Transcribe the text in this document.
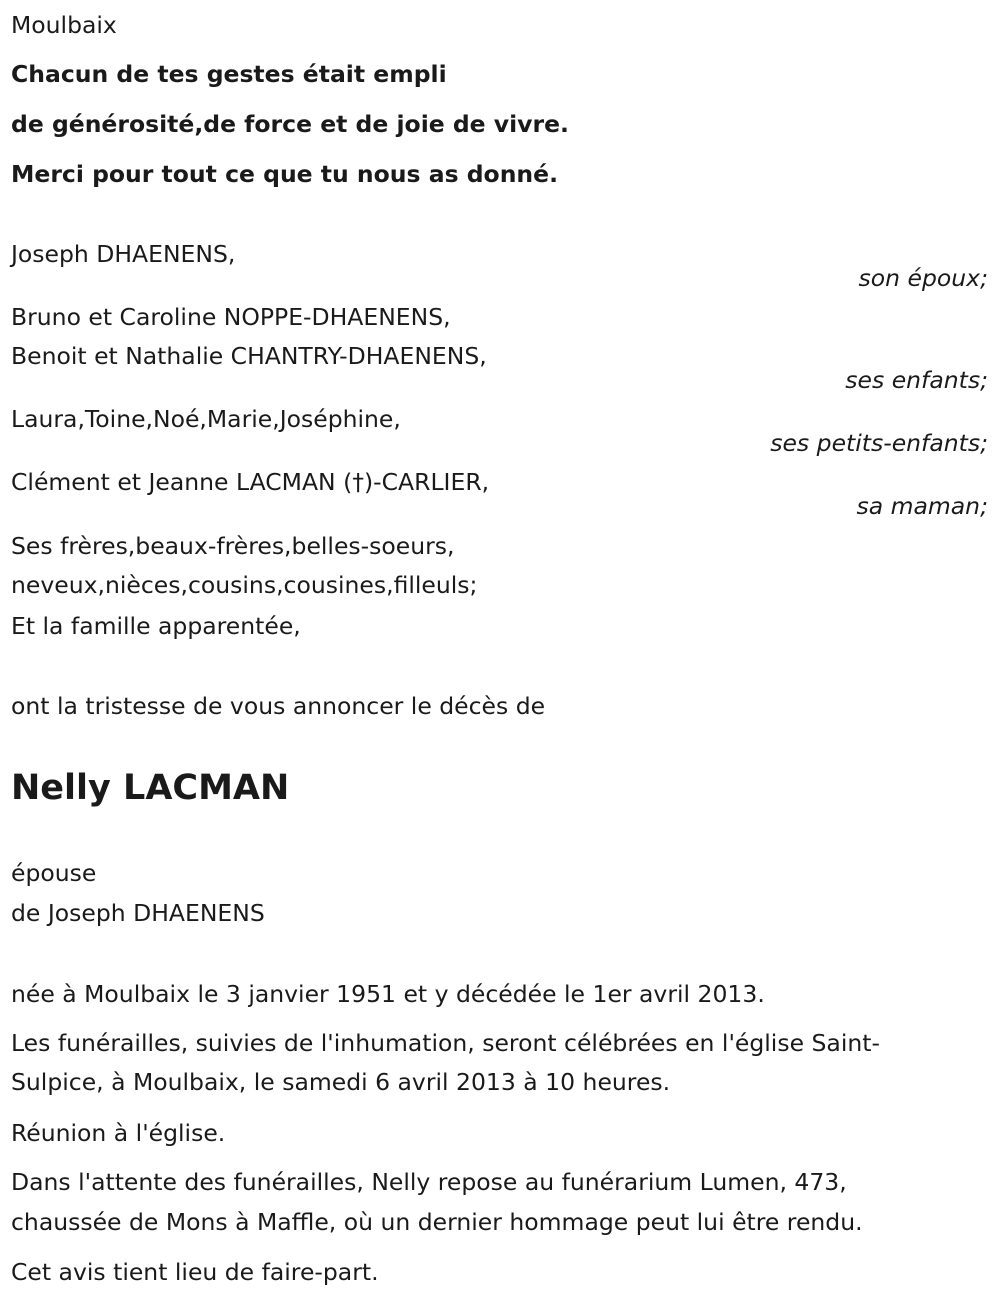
Moulbaix
Chacun de tes gestes était empli
de générosité,de force et de joie de vivre.
Merci pour tout ce que tu nous as donné.
Joseph DHAENENS,
son époux;
Bruno et Caroline NOPPE-DHAENENS,
Benoit et Nathalie CHANTRY-DHAENENS,
ses enfants;
Laura,Toine,Noé,Marie,Joséphine,
ses petits-enfants;
Clément et Jeanne LACMAN (†)-CARLIER,
sa maman;
Ses frères,beaux-frères,belles-soeurs,
neveux,nièces,cousins,cousines,filleuls;
Et la famille apparentée,
ont la tristesse de vous annoncer le décès de
Nelly LACMAN
épouse
de Joseph DHAENENS
née à Moulbaix le 3 janvier 1951 et y décédée le 1er avril 2013.
Les funérailles, suivies de l'inhumation, seront célébrées en l'église Saint-
Sulpice, à Moulbaix, le samedi 6 avril 2013 à 10 heures.
Réunion à l'église.
Dans l'attente des funérailles, Nelly repose au funérarium Lumen, 473,
chaussée de Mons à Maffle, où un dernier hommage peut lui être rendu.
Cet avis tient lieu de faire-part.
